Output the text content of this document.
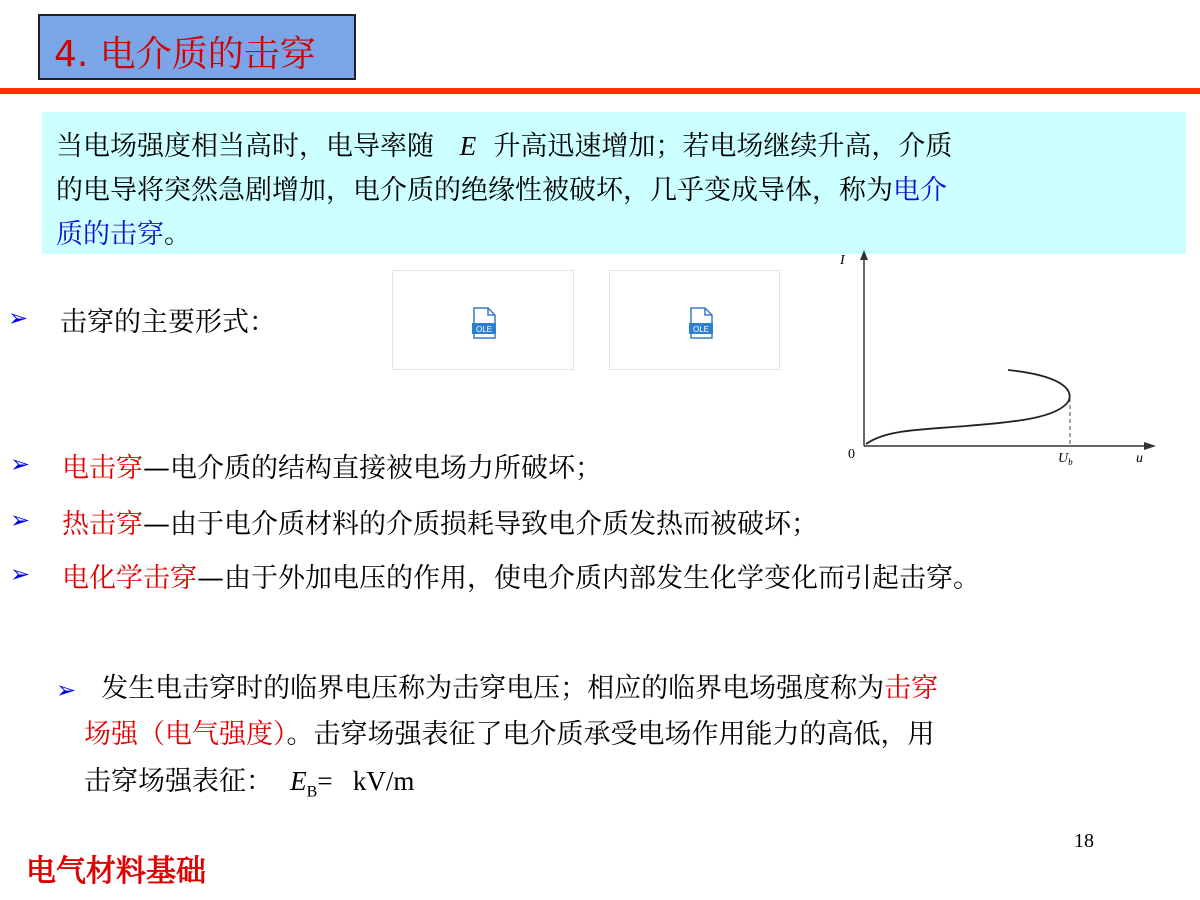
4. 电介质的击穿
当电场强度相当高时，电导率随 E 升高迅速增加；若电场继续升高，介质
的电导将突然急剧增加，电介质的绝缘性被破坏，几乎变成导体，称为电介
质的击穿。
➢ 击穿的主要形式：	OLE	OLE
I
0	u
$U_b$
➢ 电击穿—电介质的结构直接被电场力所破坏；
➢ 热击穿—由于电介质材料的介质损耗导致电介质发热而被破坏；
➢ 电化学击穿—由于外加电压的作用，使电介质内部发生化学变化而引起击穿。
➢ 发生电击穿时的临界电压称为击穿电压；相应的临界电场强度称为击穿
场强（电气强度）。击穿场强表征了电介质承受电场作用能力的高低，用
击穿场强表征： $E_B= kV/m$
18
电气材料基础
